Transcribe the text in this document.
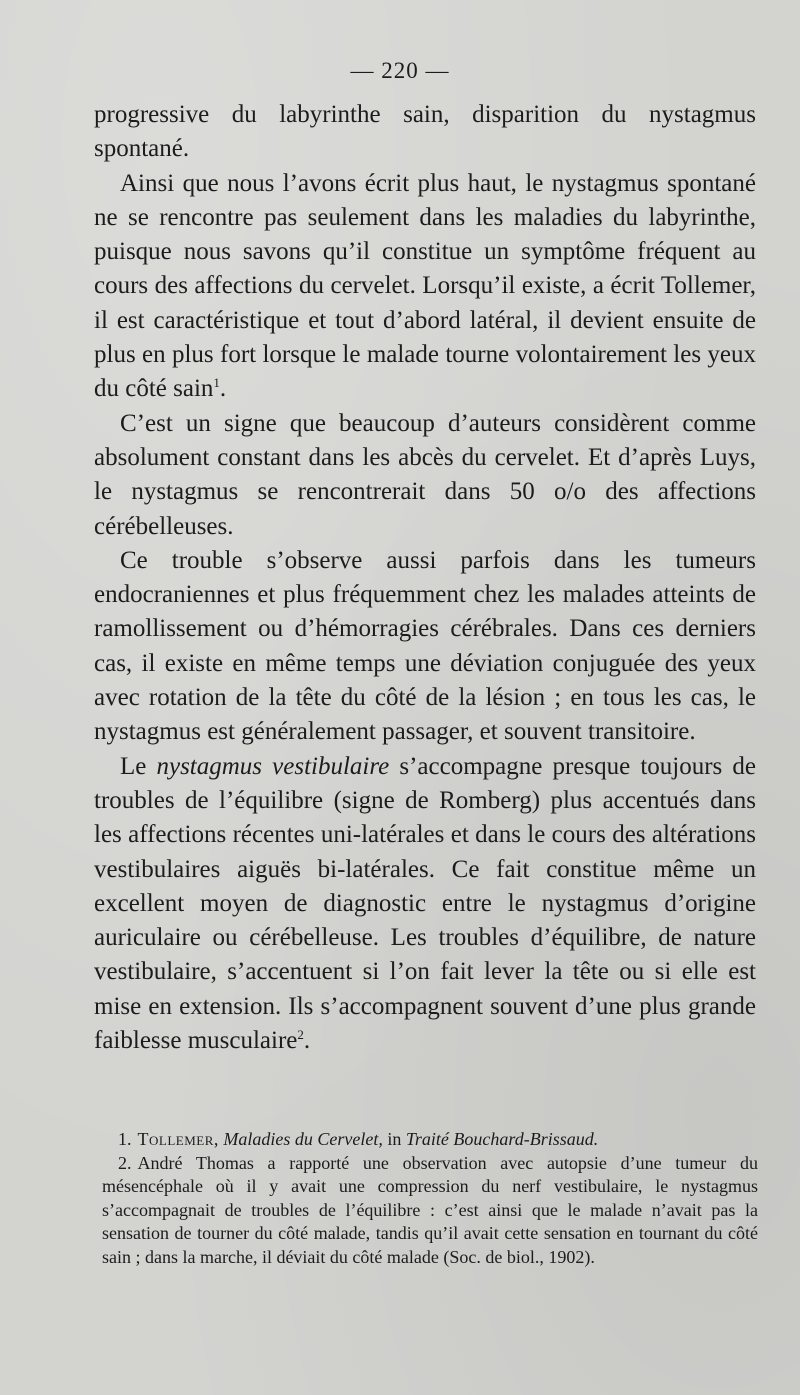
— 220 —

progressive du labyrinthe sain, disparition du nystagmus spontané.

Ainsi que nous l’avons écrit plus haut, le nystagmus spontané ne se rencontre pas seulement dans les maladies du labyrinthe, puisque nous savons qu’il constitue un symptôme fréquent au cours des affections du cervelet. Lorsqu’il existe, a écrit Tollemer, il est caractéristique et tout d’abord latéral, il devient ensuite de plus en plus fort lorsque le malade tourne volontairement les yeux du côté sain$^1$.

C’est un signe que beaucoup d’auteurs considèrent comme absolument constant dans les abcès du cervelet. Et d’après Luys, le nystagmus se rencontrerait dans 50 o/o des affections cérébelleuses.

Ce trouble s’observe aussi parfois dans les tumeurs endocraniennes et plus fréquemment chez les malades atteints de ramollissement ou d’hémorragies cérébrales. Dans ces derniers cas, il existe en même temps une déviation conjuguée des yeux avec rotation de la tête du côté de la lésion ; en tous les cas, le nystagmus est généralement passager, et souvent transitoire.

Le nystagmus vestibulaire s’accompagne presque toujours de troubles de l’équilibre (signe de Romberg) plus accentués dans les affections récentes uni-latérales et dans le cours des altérations vestibulaires aiguës bi-latérales. Ce fait constitue même un excellent moyen de diagnostic entre le nystagmus d’origine auriculaire ou cérébelleuse. Les troubles d’équilibre, de nature vestibulaire, s’accentuent si l’on fait lever la tête ou si elle est mise en extension. Ils s’accompagnent souvent d’une plus grande faiblesse musculaire$^2$.

1. Tollemer, Maladies du Cervelet, in Traité Bouchard-Brissaud.

2. André Thomas a rapporté une observation avec autopsie d’une tumeur du mésencéphale où il y avait une compression du nerf vestibulaire, le nystagmus s’accompagnait de troubles de l’équilibre : c’est ainsi que le malade n’avait pas la sensation de tourner du côté malade, tandis qu’il avait cette sensation en tournant du côté sain ; dans la marche, il déviait du côté malade (Soc. de biol., 1902).
